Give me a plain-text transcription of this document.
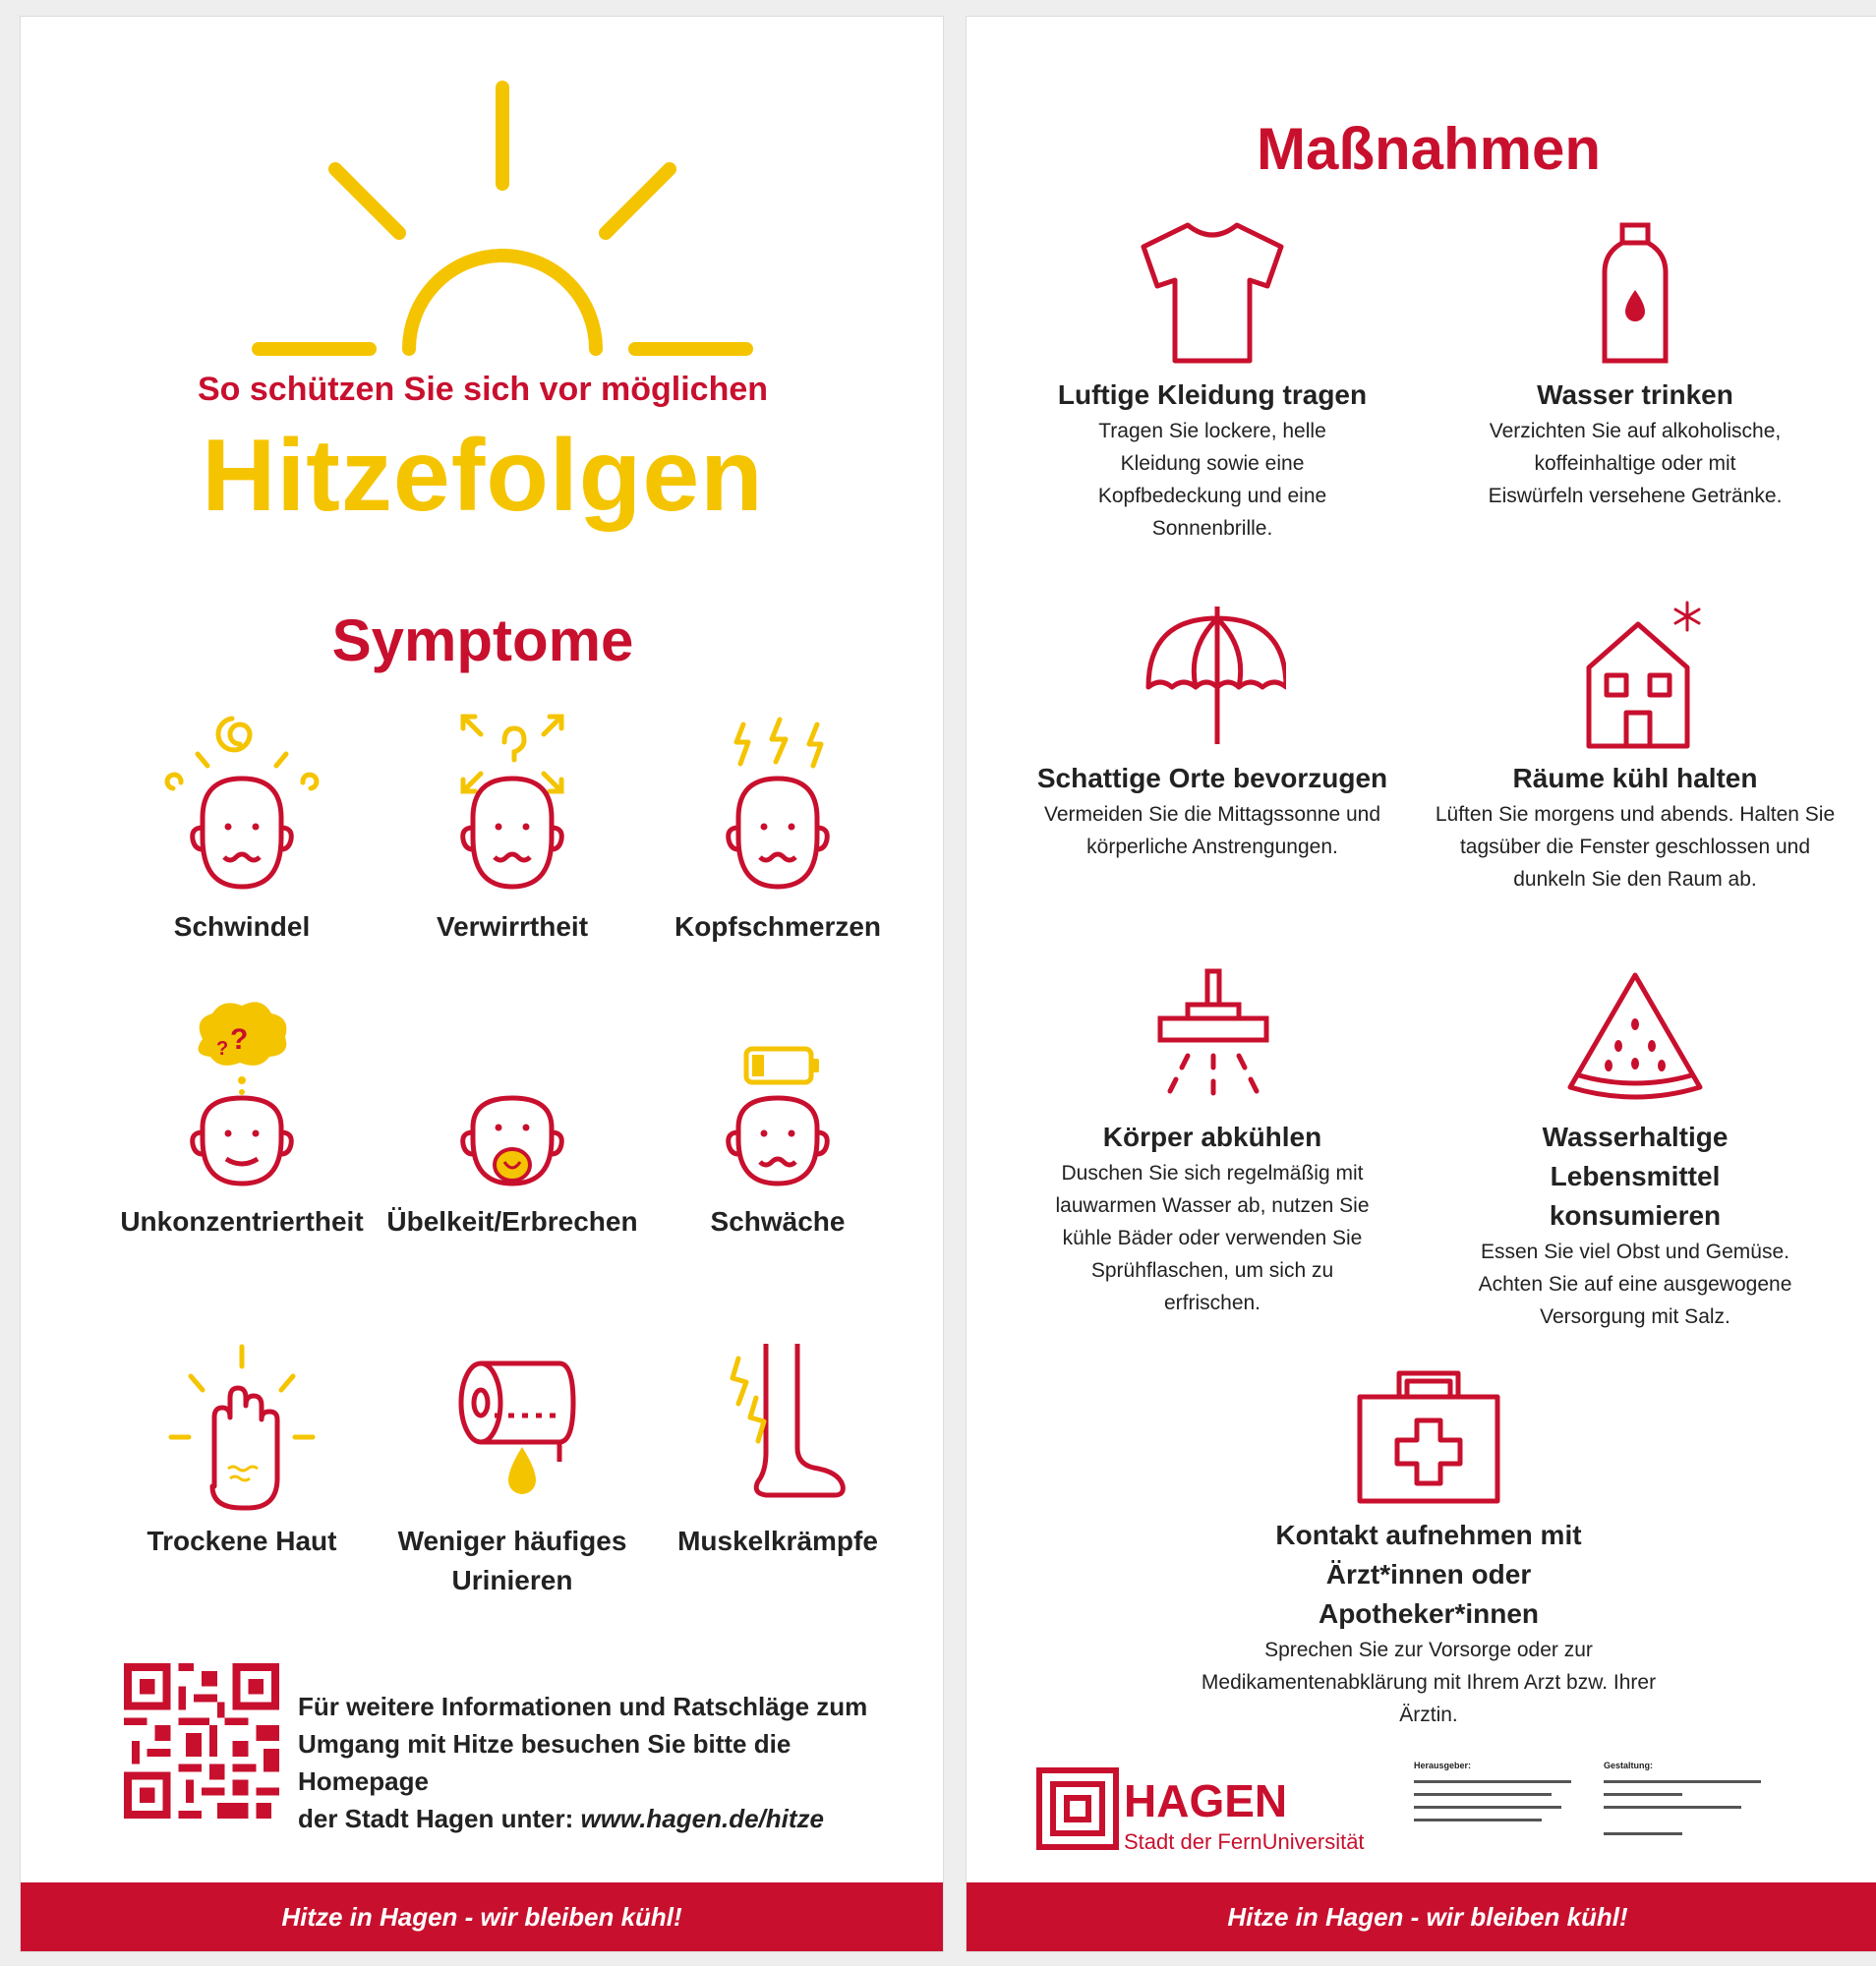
So schützen Sie sich vor möglichen
Hitzefolgen
Symptome
Schwindel	Verwirrtheit	Kopfschmerzen
?
?
Unkonzentriertheit Übelkeit/Erbrechen	Schwäche
Trockene Haut	Weniger häufiges Urinieren
Muskelkrämpfe
Für weitere Informationen und Ratschläge zum
Umgang mit Hitze besuchen Sie bitte die Homepage
der Stadt Hagen unter: www.hagen.de/hitze
Hitze in Hagen - wir bleiben kühl!
Maßnahmen
Luftige Kleidung tragen
Tragen Sie lockere, helle Kleidung sowie eine Kopfbedeckung und eine Sonnenbrille.
Wasser trinken
Verzichten Sie auf alkoholische, koffeinhaltige oder mit Eiswürfeln versehene Getränke.
Schattige Orte bevorzugen
Vermeiden Sie die Mittagssonne und körperliche Anstrengungen.
Räume kühl halten
Lüften Sie morgens und abends. Halten Sie tagsüber die Fenster geschlossen und dunkeln Sie den Raum ab.
Körper abkühlen
Duschen Sie sich regelmäßig mit lauwarmen Wasser ab, nutzen Sie kühle Bäder oder verwenden Sie Sprühflaschen, um sich zu erfrischen.
Wasserhaltige Lebensmittel konsumieren
Essen Sie viel Obst und Gemüse. Achten Sie auf eine ausgewogene Versorgung mit Salz.
Kontakt aufnehmen mit Ärzt*innen oder Apotheker*innen
Sprechen Sie zur Vorsorge oder zur Medikamentenabklärung mit Ihrem Arzt bzw. Ihrer Ärztin.
HAGEN
Stadt der FernUniversität
Herausgeber:	Gestaltung:
Hitze in Hagen - wir bleiben kühl!
